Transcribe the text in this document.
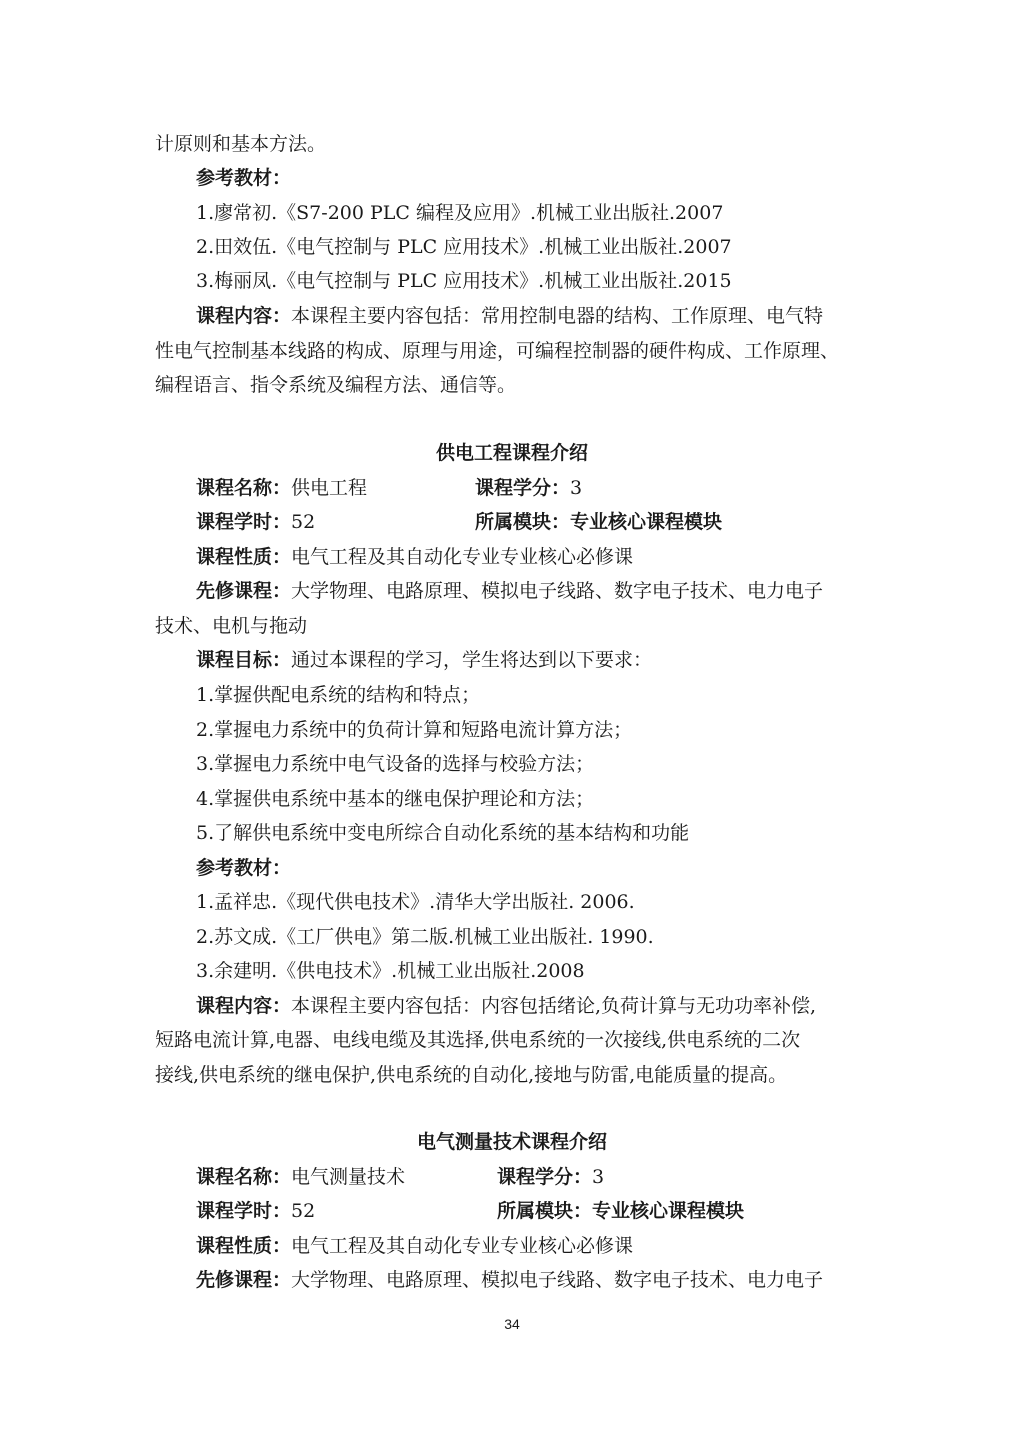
计原则和基本方法。
参考教材：
1.廖常初.《S7-200 PLC 编程及应用》.机械工业出版社.2007
2.田效伍.《电气控制与 PLC 应用技术》.机械工业出版社.2007
3.梅丽凤.《电气控制与 PLC 应用技术》.机械工业出版社.2015
课程内容：本课程主要内容包括：常用控制电器的结构、工作原理、电气特
性电气控制基本线路的构成、原理与用途，可编程控制器的硬件构成、工作原理、
编程语言、指令系统及编程方法、通信等。
供电工程课程介绍
课程名称：供电工程	课程学分：3
课程学时：52	所属模块：专业核心课程模块
课程性质：电气工程及其自动化专业专业核心必修课
先修课程：大学物理、电路原理、模拟电子线路、数字电子技术、电力电子
技术、电机与拖动
课程目标：通过本课程的学习，学生将达到以下要求：
1.掌握供配电系统的结构和特点；
2.掌握电力系统中的负荷计算和短路电流计算方法；
3.掌握电力系统中电气设备的选择与校验方法；
4.掌握供电系统中基本的继电保护理论和方法；
5.了解供电系统中变电所综合自动化系统的基本结构和功能
参考教材：
1.孟祥忠.《现代供电技术》.清华大学出版社. 2006.
2.苏文成.《工厂供电》第二版.机械工业出版社. 1990.
3.余建明.《供电技术》.机械工业出版社.2008
课程内容：本课程主要内容包括：内容包括绪论,负荷计算与无功功率补偿,
短路电流计算,电器、电线电缆及其选择,供电系统的一次接线,供电系统的二次
接线,供电系统的继电保护,供电系统的自动化,接地与防雷,电能质量的提高。
电气测量技术课程介绍
课程名称：电气测量技术	课程学分：3
课程学时：52	所属模块：专业核心课程模块
课程性质：电气工程及其自动化专业专业核心必修课
先修课程：大学物理、电路原理、模拟电子线路、数字电子技术、电力电子
34
